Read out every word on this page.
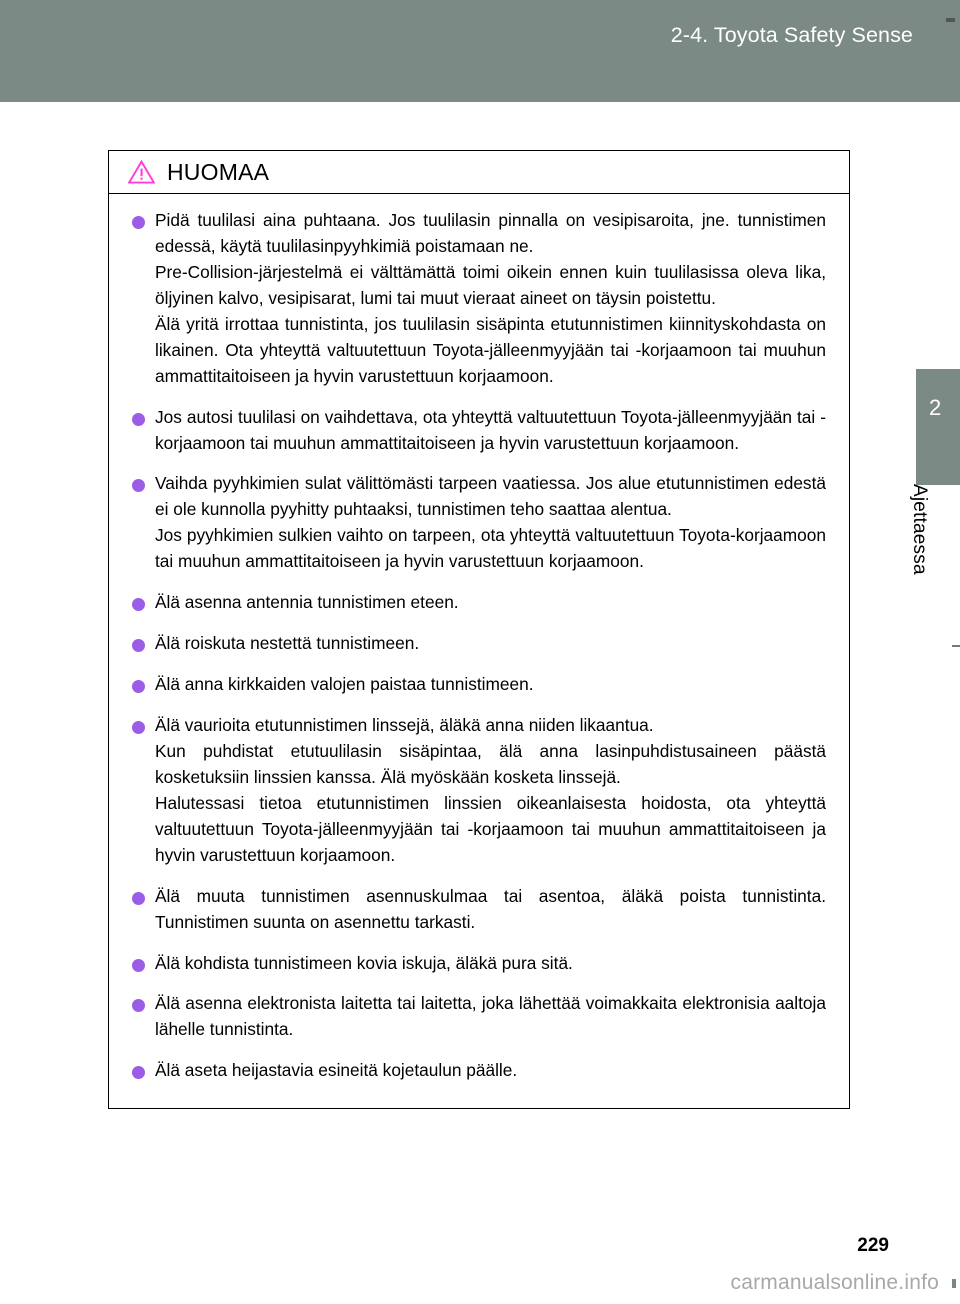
2-4. Toyota Safety Sense
2
Ajettaessa
HUOMAA

Pidä tuulilasi aina puhtaana. Jos tuulilasin pinnalla on vesipisaroita, jne. tunnistimen edessä, käytä tuulilasinpyyhkimiä poistamaan ne.

Pre-Collision-järjestelmä ei välttämättä toimi oikein ennen kuin tuulilasissa oleva lika, öljyinen kalvo, vesipisarat, lumi tai muut vieraat aineet on täysin poistettu.

Älä yritä irrottaa tunnistinta, jos tuulilasin sisäpinta etutunnistimen kiinnityskohdasta on likainen. Ota yhteyttä valtuutettuun Toyota-jälleenmyyjään tai -korjaamoon tai muuhun ammattitaitoiseen ja hyvin varustettuun korjaamoon.

Jos autosi tuulilasi on vaihdettava, ota yhteyttä valtuutettuun Toyota-jälleenmyyjään tai -korjaamoon tai muuhun ammattitaitoiseen ja hyvin varustettuun korjaamoon.

Vaihda pyyhkimien sulat välittömästi tarpeen vaatiessa. Jos alue etutunnistimen edestä ei ole kunnolla pyyhitty puhtaaksi, tunnistimen teho saattaa alentua.

Jos pyyhkimien sulkien vaihto on tarpeen, ota yhteyttä valtuutettuun Toyota-korjaamoon tai muuhun ammattitaitoiseen ja hyvin varustettuun korjaamoon.

Älä asenna antennia tunnistimen eteen.

Älä roiskuta nestettä tunnistimeen.

Älä anna kirkkaiden valojen paistaa tunnistimeen.

Älä vaurioita etutunnistimen linssejä, äläkä anna niiden likaantua.

Kun puhdistat etutuulilasin sisäpintaa, älä anna lasinpuhdistusaineen päästä kosketuksiin linssien kanssa. Älä myöskään kosketa linssejä.

Halutessasi tietoa etutunnistimen linssien oikeanlaisesta hoidosta, ota yhteyttä valtuutettuun Toyota-jälleenmyyjään tai -korjaamoon tai muuhun ammattitaitoiseen ja hyvin varustettuun korjaamoon.

Älä muuta tunnistimen asennuskulmaa tai asentoa, äläkä poista tunnistinta. Tunnistimen suunta on asennettu tarkasti.

Älä kohdista tunnistimeen kovia iskuja, äläkä pura sitä.

Älä asenna elektronista laitetta tai laitetta, joka lähettää voimakkaita elektronisia aaltoja lähelle tunnistinta.

Älä aseta heijastavia esineitä kojetaulun päälle.

229
carmanualsonline.info
